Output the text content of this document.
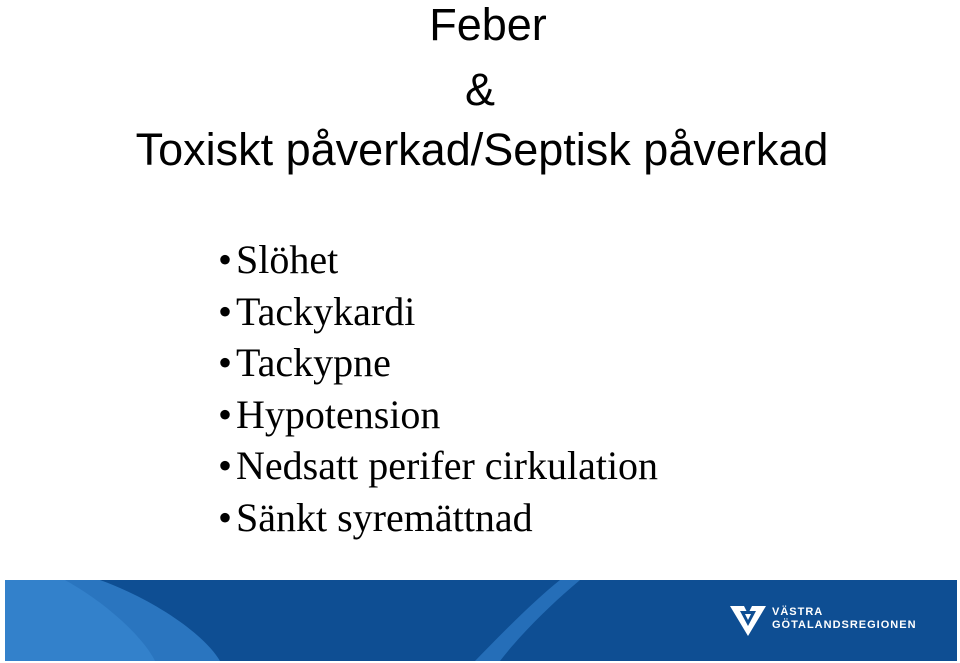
Feber
&
Toxiskt påverkad/Septisk påverkad
• Slöhet
• Tackykardi
• Tackypne
• Hypotension
• Nedsatt perifer cirkulation
• Sänkt syremättnad
VÄSTRA
GÖTALANDSREGIONEN
